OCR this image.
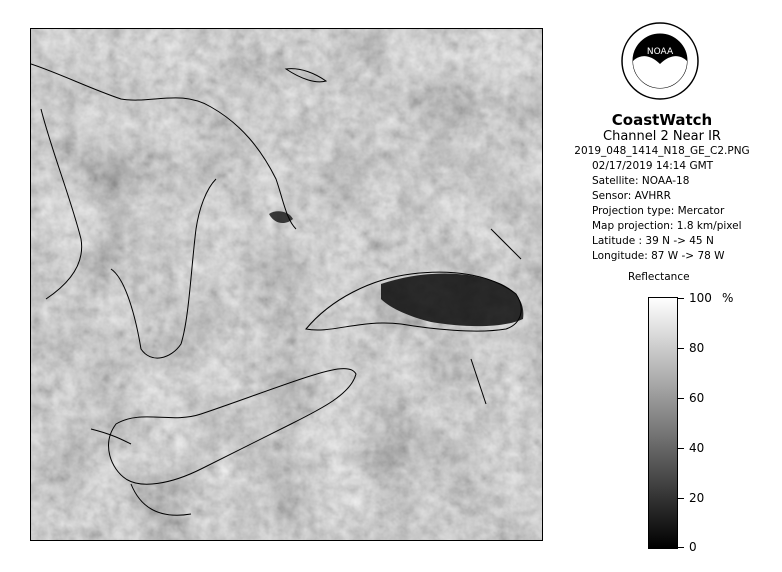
NOAA
CoastWatch
Channel 2 Near IR
2019_048_1414_N18_GE_C2.PNG
02/17/2019 14:14 GMT
Satellite: NOAA-18
Sensor: AVHRR
Projection type: Mercator
Map projection: 1.8 km/pixel
Latitude : 39 N -> 45 N
Longitude: 87 W -> 78 W
Reflectance
%
100
80
60
40
20
0
